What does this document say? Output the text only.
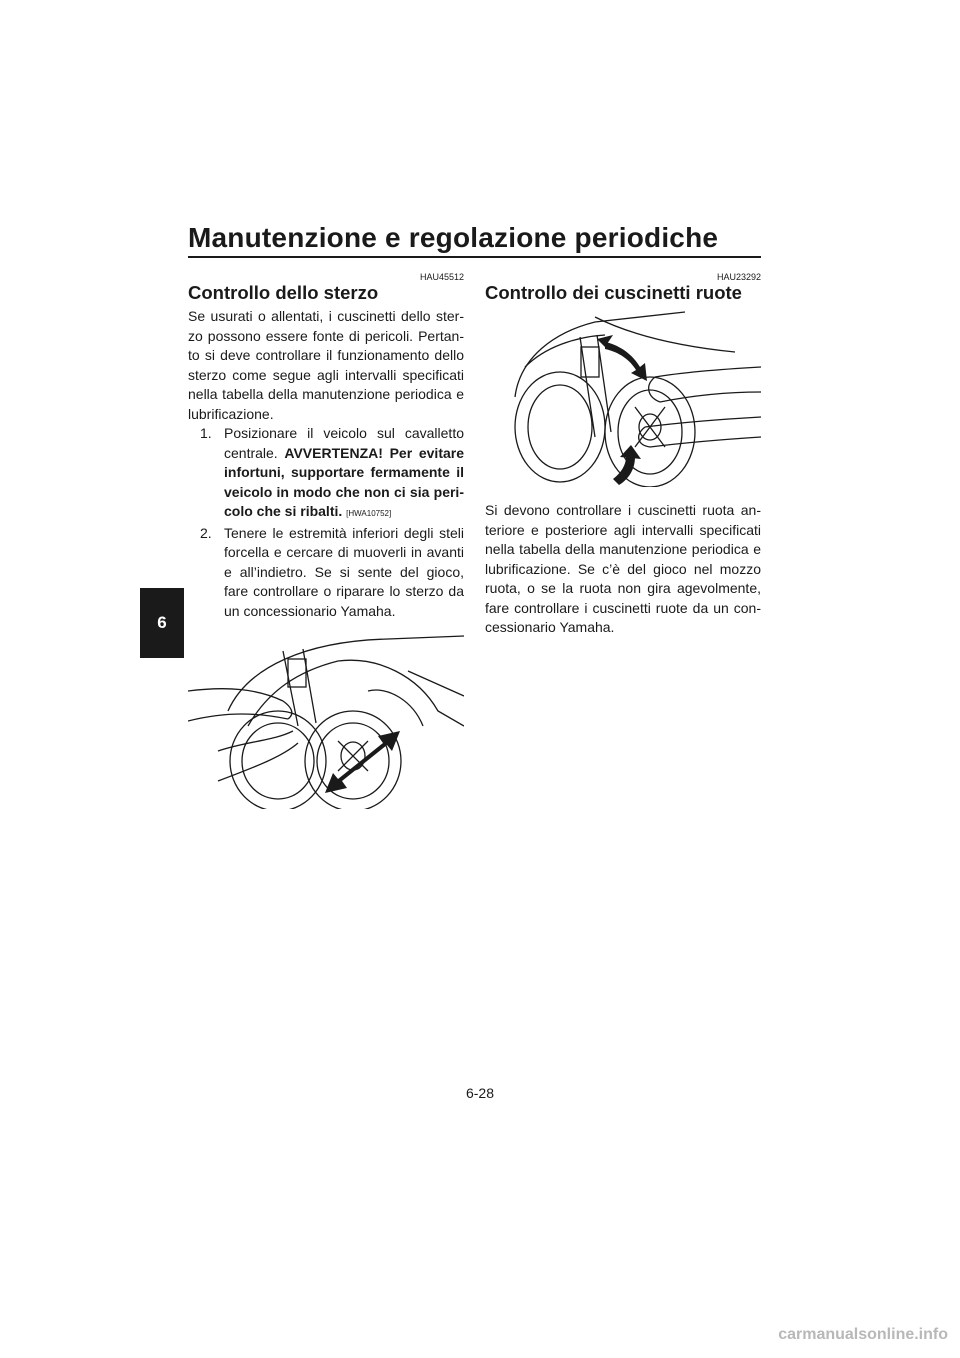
Manutenzione e regolazione periodiche
6

HAU45512

Controllo dello sterzo

Se usurati o allentati, i cuscinetti dello ster-zo possono essere fonte di pericoli. Pertan-to si deve controllare il funzionamento dello sterzo come segue agli intervalli specificati nella tabella della manutenzione periodica e lubrificazione.

1. Posizionare il veicolo sul cavalletto centrale. AVVERTENZA! Per evitare infortuni, supportare fermamente il veicolo in modo che non ci sia peri-colo che si ribalti. [HWA10752]
2. Tenere le estremità inferiori degli steli forcella e cercare di muoverli in avanti e all’indietro. Se si sente del gioco, fare controllare o riparare lo sterzo da un concessionario Yamaha.

HAU23292

Controllo dei cuscinetti ruote

Si devono controllare i cuscinetti ruota an-teriore e posteriore agli intervalli specificati nella tabella della manutenzione periodica e lubrificazione. Se c’è del gioco nel mozzo ruota, o se la ruota non gira agevolmente, fare controllare i cuscinetti ruote da un con-cessionario Yamaha.

6-28

carmanualsonline.info
